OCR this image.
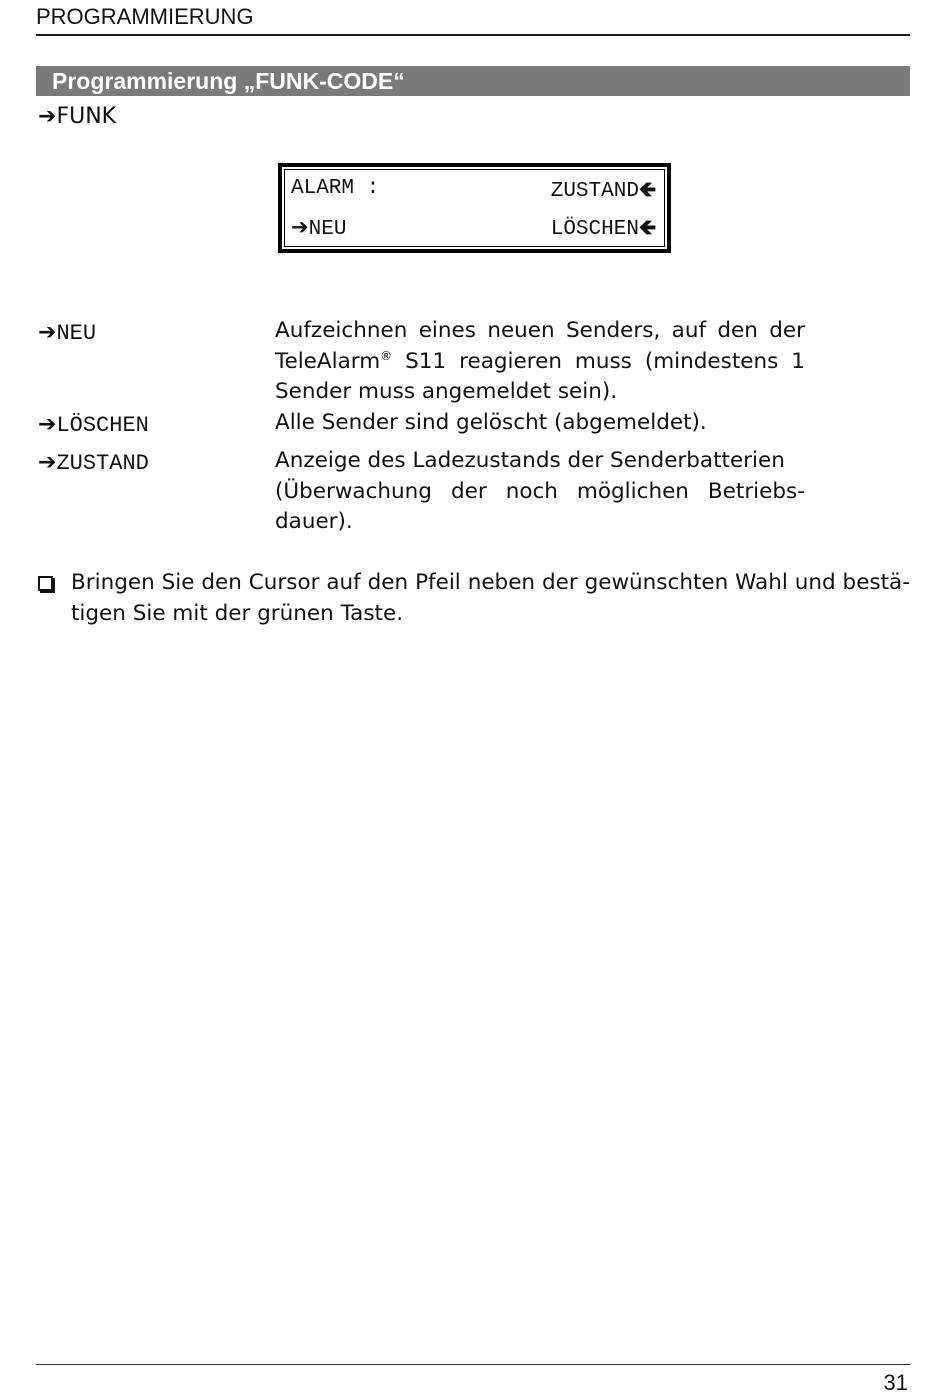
PROGRAMMIERUNG
Programmierung „FUNK-CODE“
➔FUNK
ALARM :	ZUSTAND🡸
➔NEU	LÖSCHEN🡸
➔NEU	Aufzeichnen eines neuen Senders, auf den der
TeleAlarm® S11 reagieren muss (mindestens 1
Sender muss angemeldet sein).
➔LÖSCHEN	Alle Sender sind gelöscht (abgemeldet).
➔ZUSTAND	Anzeige des Ladezustands der Senderbatterien
(Überwachung der noch möglichen Betriebs-
dauer).
Bringen Sie den Cursor auf den Pfeil neben der gewünschten Wahl und bestä-tigen Sie mit der grünen Taste.
31
